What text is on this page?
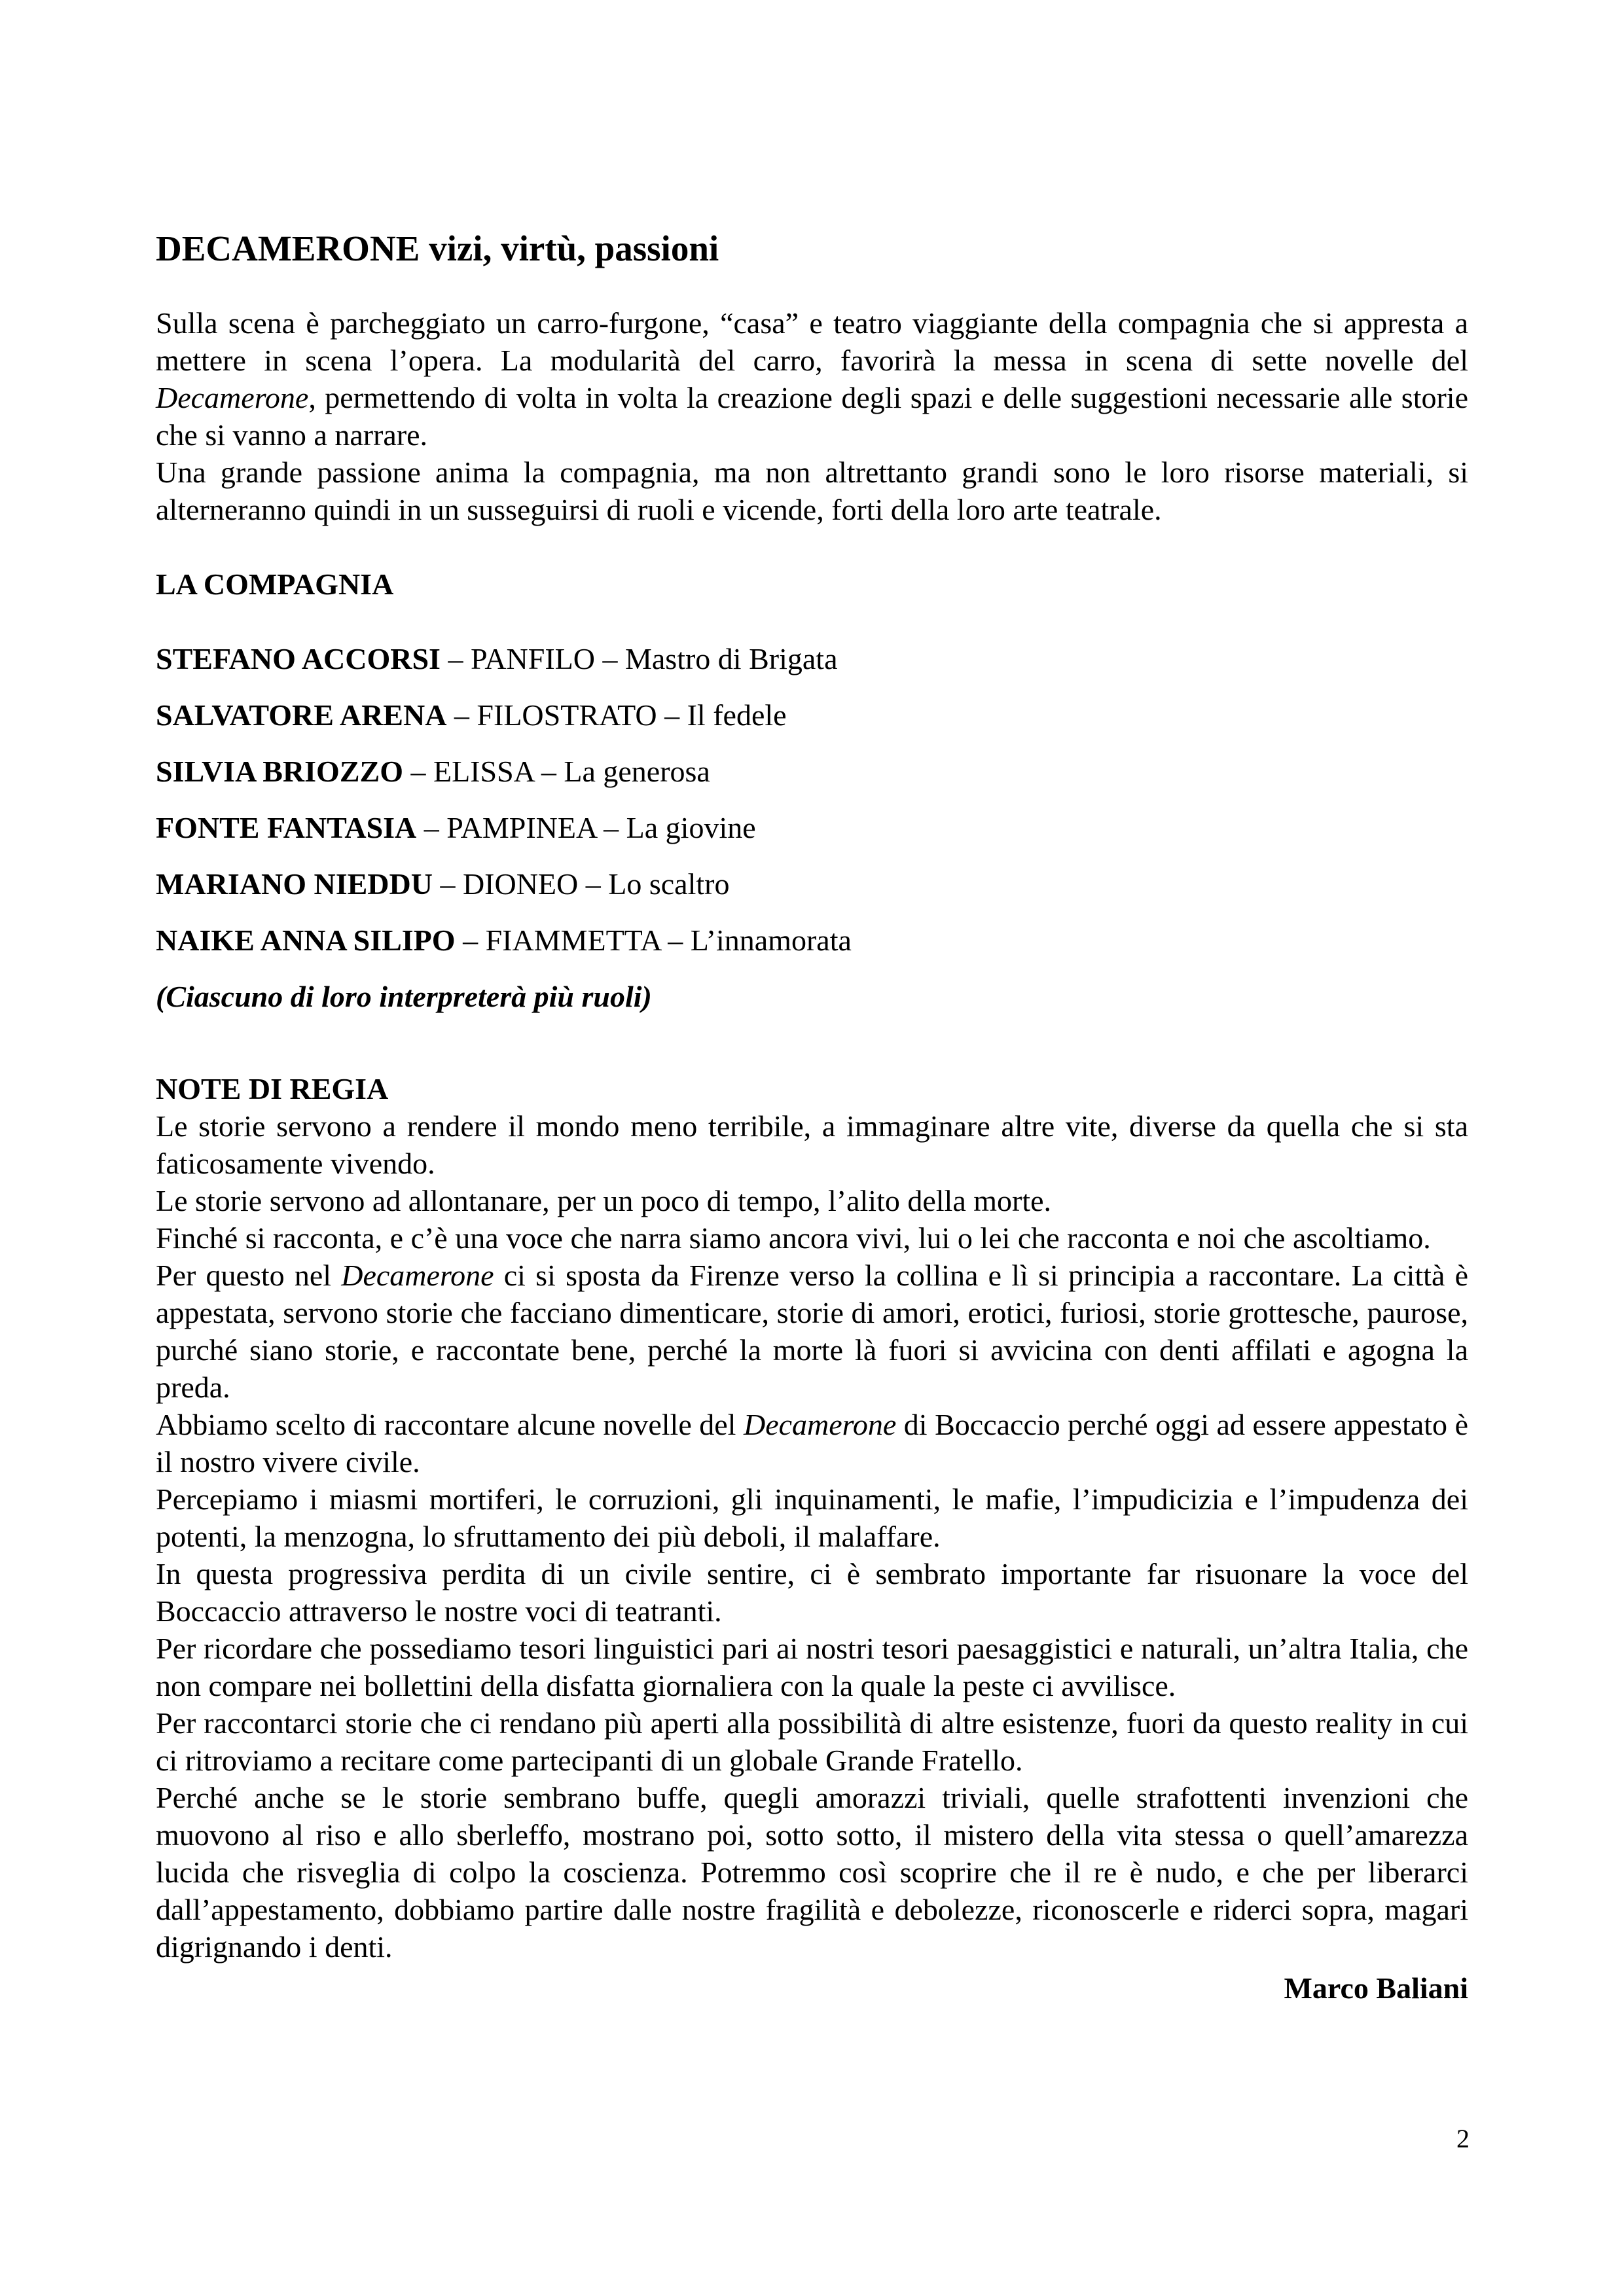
DECAMERONE vizi, virtù, passioni

Sulla scena è parcheggiato un carro-furgone, “casa” e teatro viaggiante della compagnia che si appresta a mettere in scena l’opera. La modularità del carro, favorirà la messa in scena di sette novelle del Decamerone, permettendo di volta in volta la creazione degli spazi e delle suggestioni necessarie alle storie che si vanno a narrare.

Una grande passione anima la compagnia, ma non altrettanto grandi sono le loro risorse materiali, si alterneranno quindi in un susseguirsi di ruoli e vicende, forti della loro arte teatrale.

LA COMPAGNIA
STEFANO ACCORSI – PANFILO – Mastro di Brigata
SALVATORE ARENA – FILOSTRATO – Il fedele
SILVIA BRIOZZO – ELISSA – La generosa
FONTE FANTASIA – PAMPINEA – La giovine
MARIANO NIEDDU – DIONEO – Lo scaltro
NAIKE ANNA SILIPO – FIAMMETTA – L’innamorata
(Ciascuno di loro interpreterà più ruoli)
NOTE DI REGIA

Le storie servono a rendere il mondo meno terribile, a immaginare altre vite, diverse da quella che si sta faticosamente vivendo.

Le storie servono ad allontanare, per un poco di tempo, l’alito della morte.

Finché si racconta, e c’è una voce che narra siamo ancora vivi, lui o lei che racconta e noi che ascoltiamo.

Per questo nel Decamerone ci si sposta da Firenze verso la collina e lì si principia a raccontare. La città è appestata, servono storie che facciano dimenticare, storie di amori, erotici, furiosi, storie grottesche, paurose, purché siano storie, e raccontate bene, perché la morte là fuori si avvicina con denti affilati e agogna la preda.

Abbiamo scelto di raccontare alcune novelle del Decamerone di Boccaccio perché oggi ad essere appestato è il nostro vivere civile.

Percepiamo i miasmi mortiferi, le corruzioni, gli inquinamenti, le mafie, l’impudicizia e l’impudenza dei potenti, la menzogna, lo sfruttamento dei più deboli, il malaffare.

In questa progressiva perdita di un civile sentire, ci è sembrato importante far risuonare la voce del Boccaccio attraverso le nostre voci di teatranti.

Per ricordare che possediamo tesori linguistici pari ai nostri tesori paesaggistici e naturali, un’altra Italia, che non compare nei bollettini della disfatta giornaliera con la quale la peste ci avvilisce.

Per raccontarci storie che ci rendano più aperti alla possibilità di altre esistenze, fuori da questo reality in cui ci ritroviamo a recitare come partecipanti di un globale Grande Fratello.

Perché anche se le storie sembrano buffe, quegli amorazzi triviali, quelle strafottenti invenzioni che muovono al riso e allo sberleffo, mostrano poi, sotto sotto, il mistero della vita stessa o quell’amarezza lucida che risveglia di colpo la coscienza. Potremmo così scoprire che il re è nudo, e che per liberarci dall’appestamento, dobbiamo partire dalle nostre fragilità e debolezze, riconoscerle e riderci sopra, magari digrignando i denti.

Marco Baliani
2
